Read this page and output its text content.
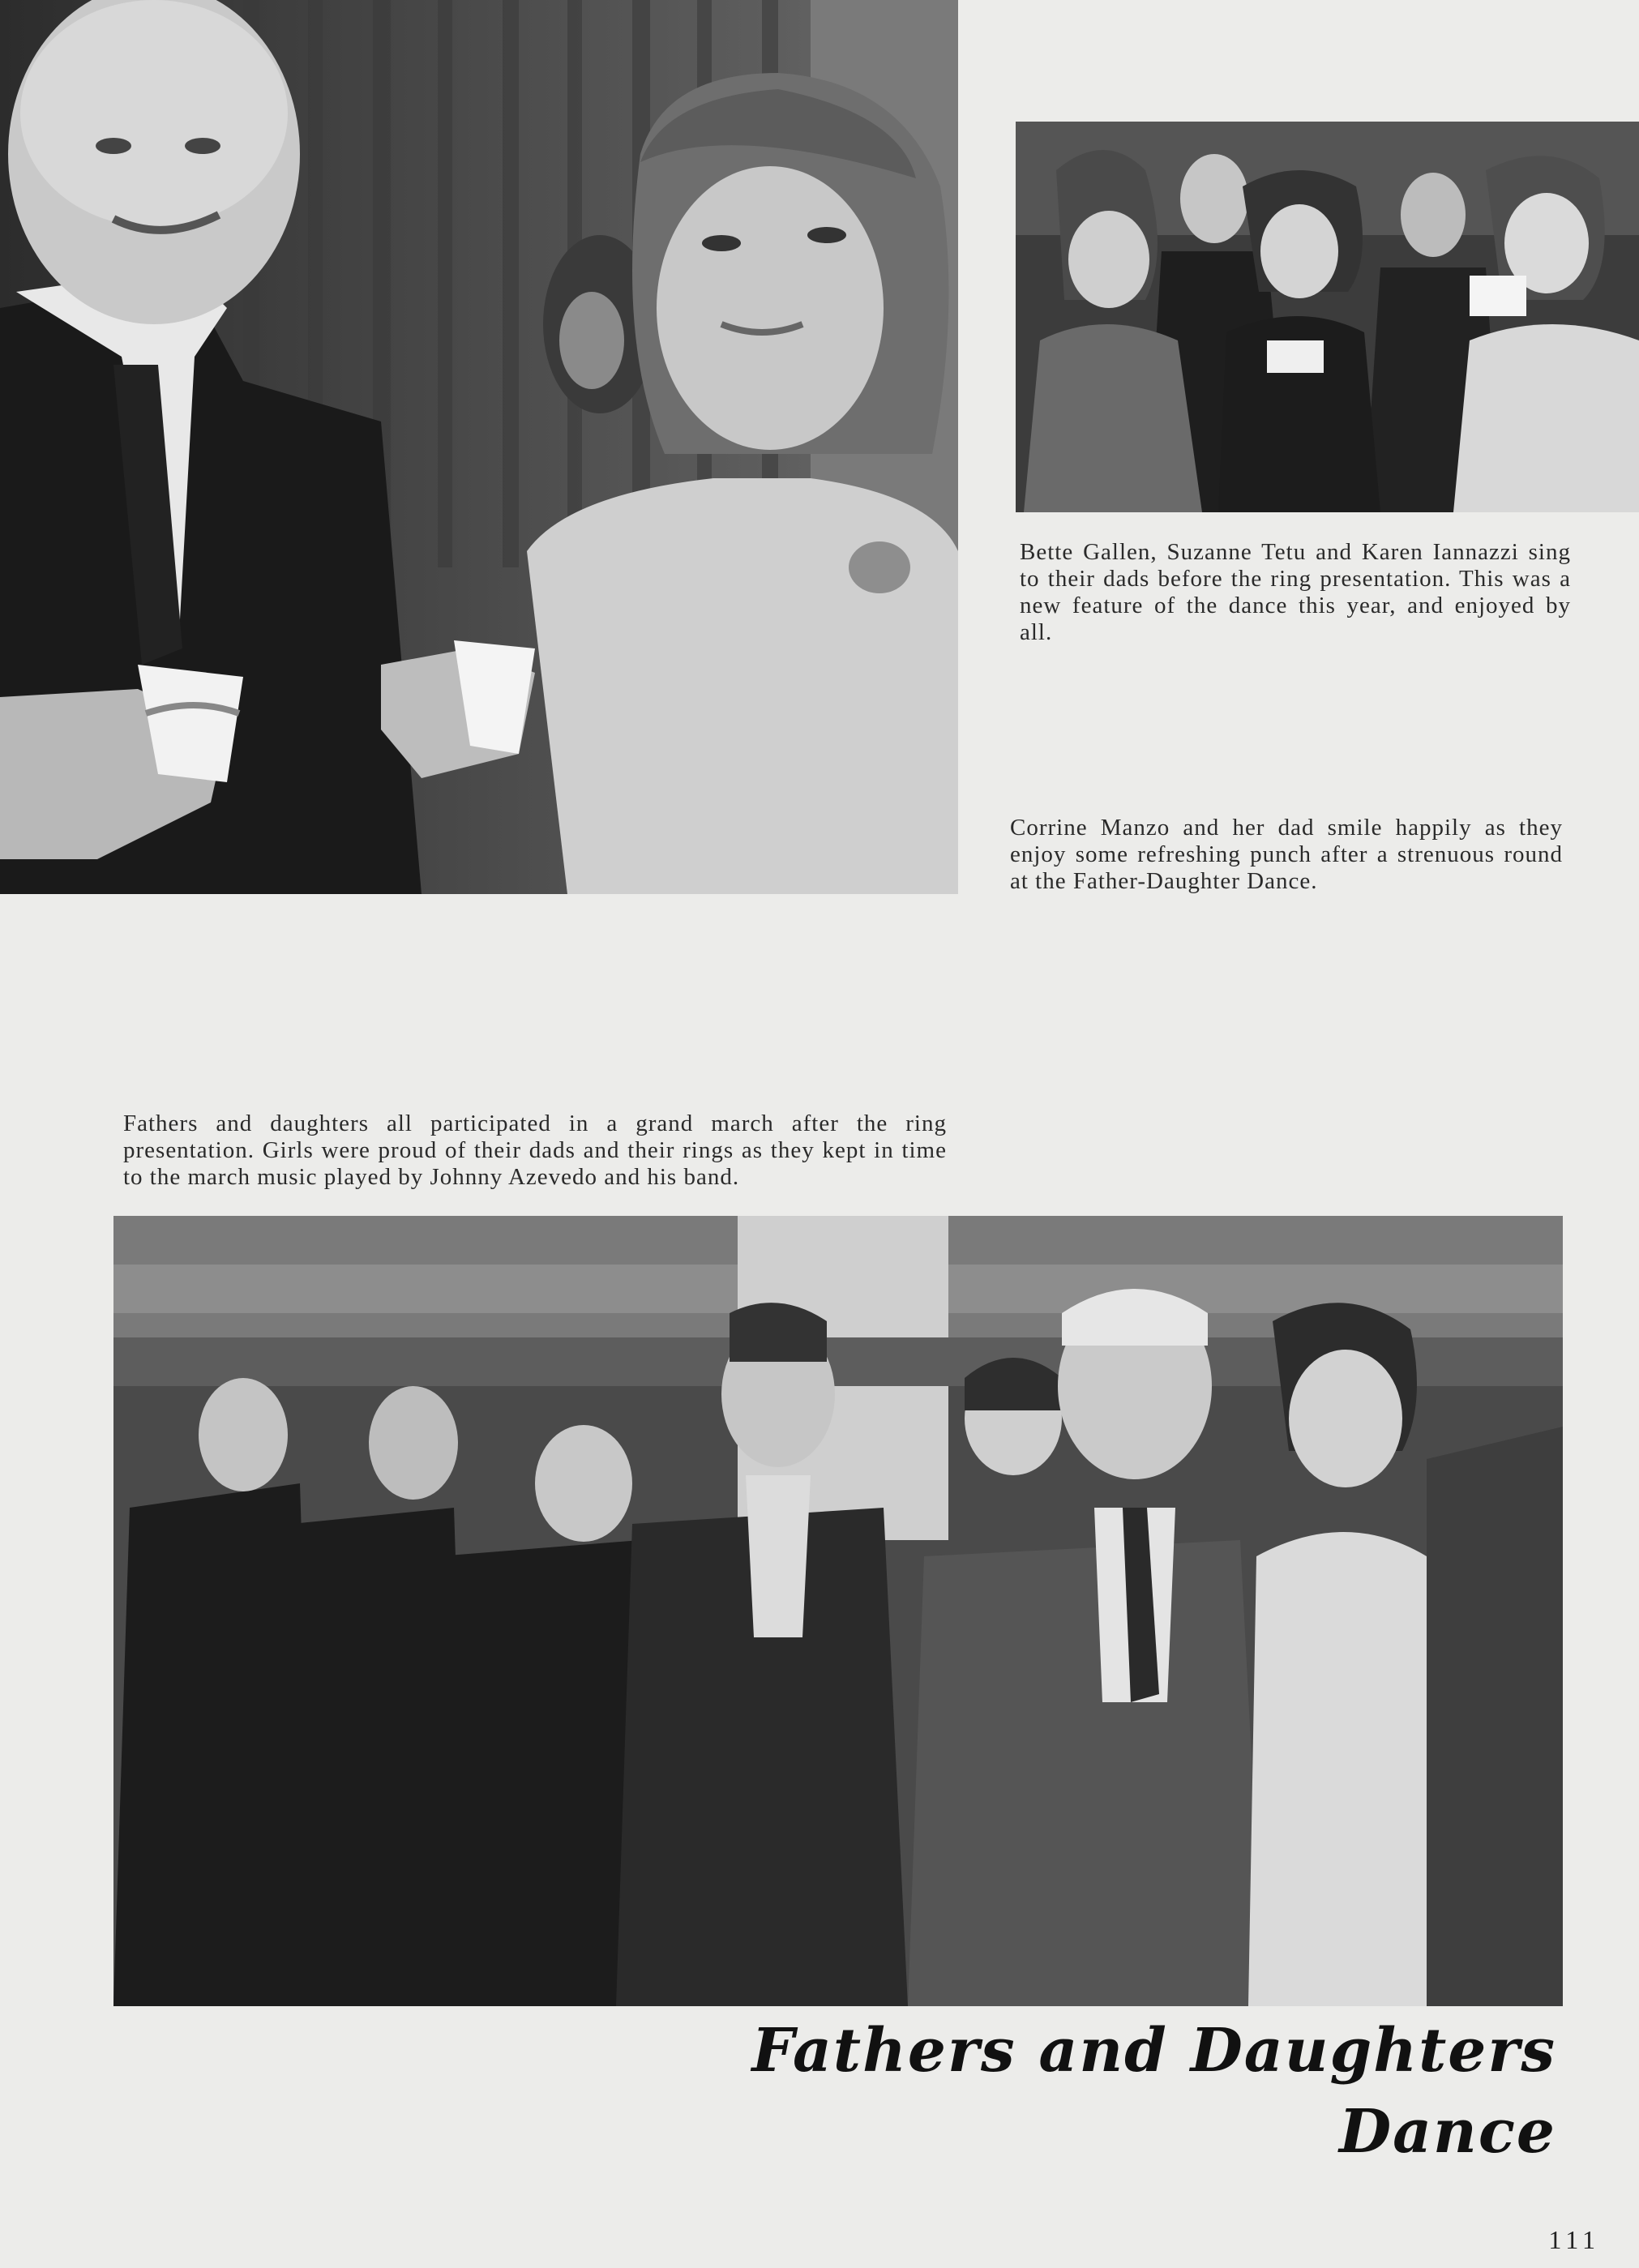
Bette Gallen, Suzanne Tetu and Karen Iannazzi sing to their dads before the ring presentation. This was a new feature of the dance this year, and enjoyed by all.

Corrine Manzo and her dad smile happily as they enjoy some refreshing punch after a strenuous round at the Father-Daughter Dance.

Fathers and daughters all participated in a grand march after the ring presentation. Girls were proud of their dads and their rings as they kept in time to the march music played by Johnny Azevedo and his band.

Fathers and Daughters Dance
111
